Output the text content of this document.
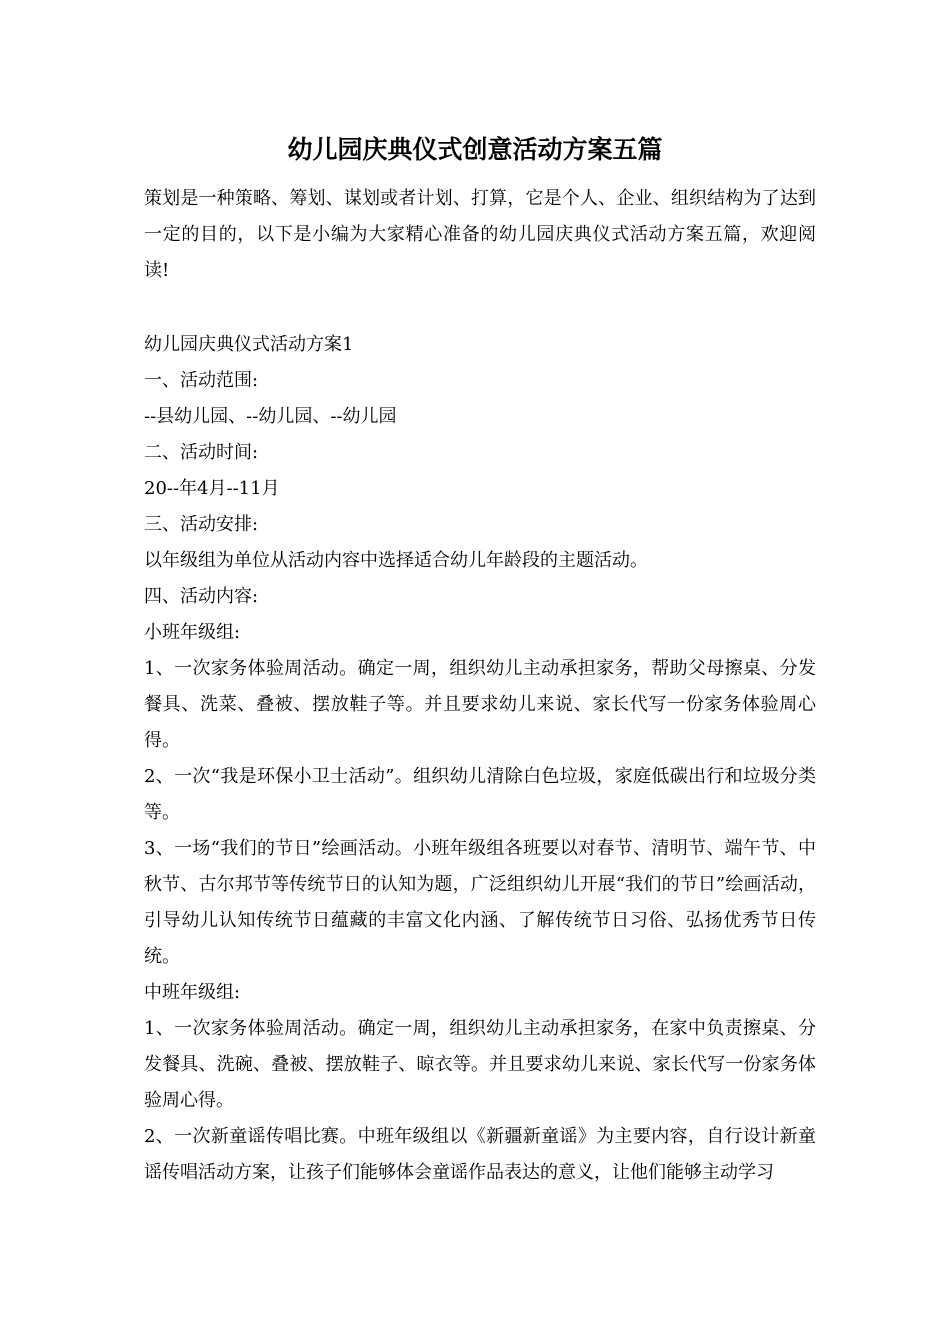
幼儿园庆典仪式创意活动方案五篇

策划是一种策略、筹划、谋划或者计划、打算，它是个人、企业、组织结构为了达到一定的目的，以下是小编为大家精心准备的幼儿园庆典仪式活动方案五篇，欢迎阅读!

幼儿园庆典仪式活动方案1

一、活动范围:

--县幼儿园、--幼儿园、--幼儿园

二、活动时间:

20--年4月--11月

三、活动安排:

以年级组为单位从活动内容中选择适合幼儿年龄段的主题活动。

四、活动内容:

小班年级组:

1、一次家务体验周活动。确定一周，组织幼儿主动承担家务，帮助父母擦桌、分发餐具、洗菜、叠被、摆放鞋子等。并且要求幼儿来说、家长代写一份家务体验周心得。

2、一次“我是环保小卫士活动”。组织幼儿清除白色垃圾，家庭低碳出行和垃圾分类等。

3、一场“我们的节日”绘画活动。小班年级组各班要以对春节、清明节、端午节、中秋节、古尔邦节等传统节日的认知为题，广泛组织幼儿开展“我们的节日”绘画活动，引导幼儿认知传统节日蕴藏的丰富文化内涵、了解传统节日习俗、弘扬优秀节日传统。

中班年级组:

1、一次家务体验周活动。确定一周，组织幼儿主动承担家务，在家中负责擦桌、分发餐具、洗碗、叠被、摆放鞋子、晾衣等。并且要求幼儿来说、家长代写一份家务体验周心得。

2、一次新童谣传唱比赛。中班年级组以《新疆新童谣》为主要内容，自行设计新童谣传唱活动方案，让孩子们能够体会童谣作品表达的意义，让他们能够主动学习
